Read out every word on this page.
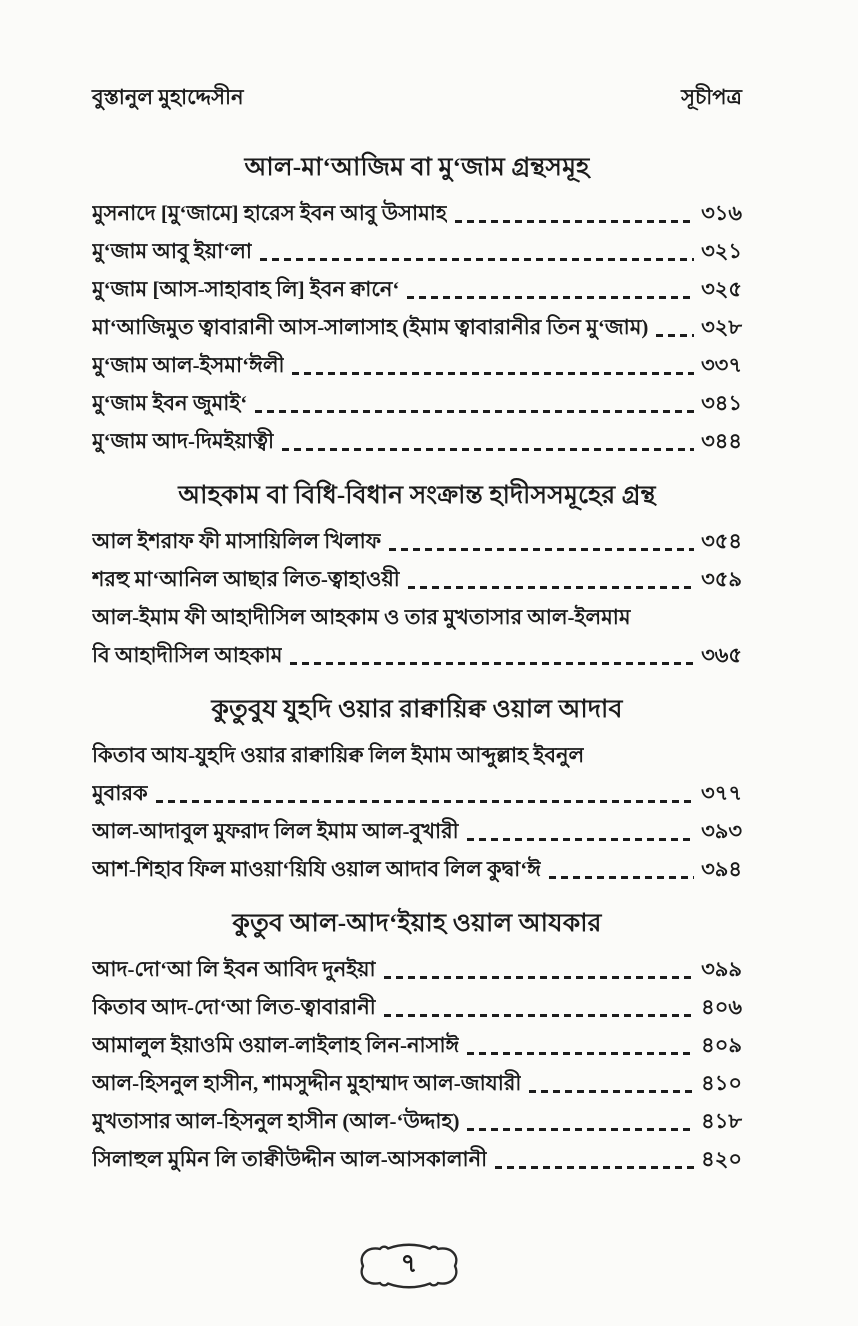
বুস্তানুল মুহাদ্দেসীন	সূচীপত্র
আল-মা‘আজিম বা মু‘জাম গ্রন্থসমূহ
মুসনাদে [মু‘জামে] হারেস ইবন আবু উসামাহ	৩১৬
মু‘জাম আবু ইয়া‘লা	৩২১
মু‘জাম [আস-সাহাবাহ লি] ইবন ক্বানে‘	৩২৫
মা‘আজিমুত ত্বাবারানী আস-সালাসাহ (ইমাম ত্বাবারানীর তিন মু‘জাম)	৩২৮
মু‘জাম আল-ইসমা‘ঈলী	৩৩৭
মু‘জাম ইবন জুমাই‘	৩৪১
মু‘জাম আদ-দিমইয়াত্বী	৩৪৪
আহকাম বা বিধি-বিধান সংক্রান্ত হাদীসসমূহের গ্রন্থ
আল ইশরাফ ফী মাসায়িলিল খিলাফ	৩৫৪
শরহু মা‘আনিল আছার লিত-ত্বাহাওয়ী	৩৫৯
আল-ইমাম ফী আহাদীসিল আহকাম ও তার মুখতাসার আল-ইলমাম
বি আহাদীসিল আহকাম	৩৬৫
কুতুবুয যুহদি ওয়ার রাক্বায়িক্ব ওয়াল আদাব
কিতাব আয-যুহদি ওয়ার রাক্বায়িক্ব লিল ইমাম আব্দুল্লাহ ইবনুল
মুবারক	৩৭৭
আল-আদাবুল মুফরাদ লিল ইমাম আল-বুখারী	৩৯৩
আশ-শিহাব ফিল মাওয়া‘য়িযি ওয়াল আদাব লিল কুদ্বা‘ঈ	৩৯৪
কুতুব আল-আদ‘ইয়াহ ওয়াল আযকার
আদ-দো‘আ লি ইবন আবিদ দুনইয়া	৩৯৯
কিতাব আদ-দো‘আ লিত-ত্বাবারানী	৪০৬
আমালুল ইয়াওমি ওয়াল-লাইলাহ লিন-নাসাঈ	৪০৯
আল-হিসনুল হাসীন, শামসুদ্দীন মুহাম্মাদ আল-জাযারী	৪১০
মুখতাসার আল-হিসনুল হাসীন (আল-‘উদ্দাহ)	৪১৮
সিলাহুল মুমিন লি তাক্বীউদ্দীন আল-আসকালানী	৪২০
৭
